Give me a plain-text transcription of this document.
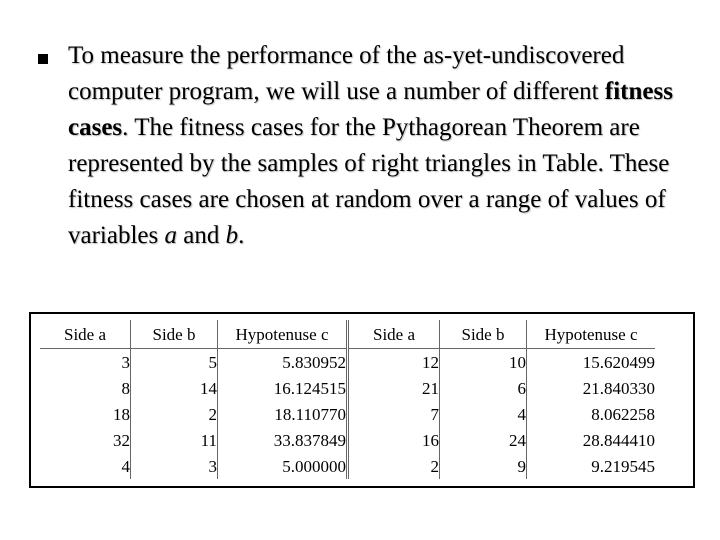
To measure the performance of the as-yet-undiscovered computer program, we will use a number of different fitness cases. The fitness cases for the Pythagorean Theorem are represented by the samples of right triangles in Table. These fitness cases are chosen at random over a range of values of variables a and b.
Side a	Side b	Hypotenuse c	Side a	Side b	Hypotenuse c
3	5	5.830952	12	10	15.620499
8	14	16.124515	21	6	21.840330
18	2	18.110770	7	4	8.062258
32	11	33.837849	16	24	28.844410
4	3	5.000000	2	9	9.219545
